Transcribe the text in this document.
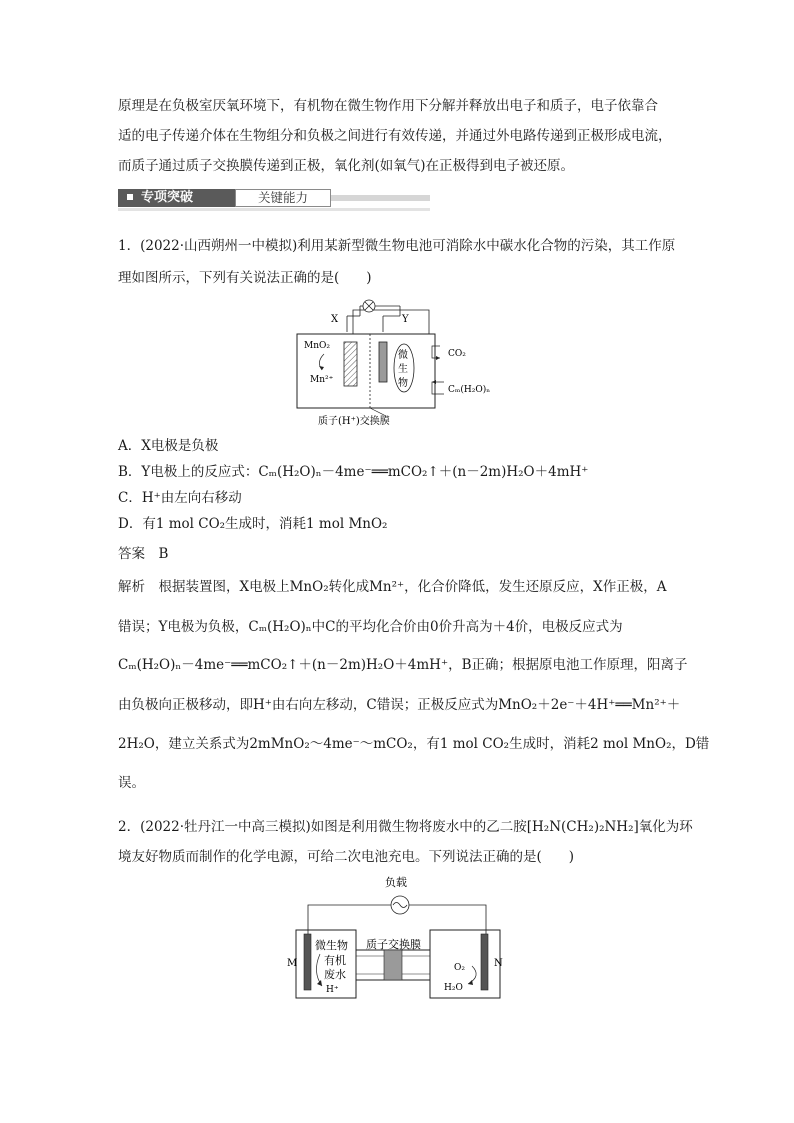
原理是在负极室厌氧环境下，有机物在微生物作用下分解并释放出电子和质子，电子依靠合
适的电子传递介体在生物组分和负极之间进行有效传递，并通过外电路传递到正极形成电流，
而质子通过质子交换膜传递到正极，氧化剂(如氧气)在正极得到电子被还原。
专项突破	关键能力
1．(2022·山西朔州一中模拟)利用某新型微生物电池可消除水中碳水化合物的污染，其工作原
理如图所示，下列有关说法正确的是(　　)
X	Y
MnO₂
Mn²⁺
微
生
物
CO₂
Cₘ(H₂O)ₙ
质子(H⁺)交换膜
A．X电极是负极
B．Y电极上的反应式：Cₘ(H₂O)ₙ－4me⁻══mCO₂↑＋(n－2m)H₂O＋4mH⁺
C．H⁺由左向右移动
D．有1 mol CO₂生成时，消耗1 mol MnO₂
答案　B
解析　根据装置图，X电极上MnO₂转化成Mn²⁺，化合价降低，发生还原反应，X作正极，A
错误；Y电极为负极，Cₘ(H₂O)ₙ中C的平均化合价由0价升高为＋4价，电极反应式为
Cₘ(H₂O)ₙ－4me⁻══mCO₂↑＋(n－2m)H₂O＋4mH⁺，B正确；根据原电池工作原理，阳离子
由负极向正极移动，即H⁺由右向左移动，C错误；正极反应式为MnO₂＋2e⁻＋4H⁺══Mn²⁺＋
2H₂O，建立关系式为2mMnO₂～4me⁻～mCO₂，有1 mol CO₂生成时，消耗2 mol MnO₂，D错
误。
2．(2022·牡丹江一中高三模拟)如图是利用微生物将废水中的乙二胺[H₂N(CH₂)₂NH₂]氧化为环
境友好物质而制作的化学电源，可给二次电池充电。下列说法正确的是(　　)
负载
M	N
微生物
有机
废水
H⁺
质子交换膜
O₂
H₂O
